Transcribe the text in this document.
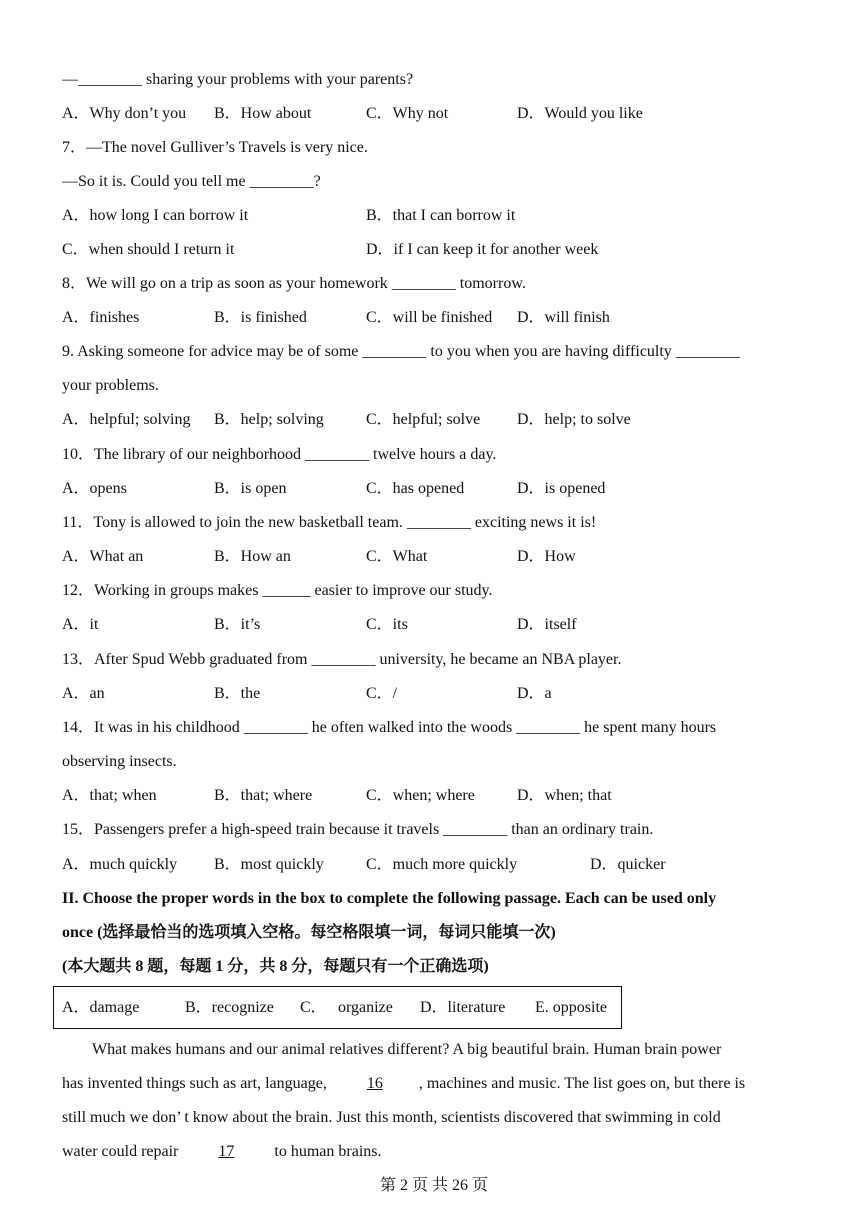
—________ sharing your problems with your parents?
A．Why don’t you B．How about	C．Why not	D．Would you like
7．—The novel Gulliver’s Travels is very nice.
—So it is. Could you tell me ________?
A．how long I can borrow it	B．that I can borrow it
C．when should I return it	D．if I can keep it for another week
8．We will go on a trip as soon as your homework ________ tomorrow.
A．finishes	B．is finished	C．will be finished D．will finish
9. Asking someone for advice may be of some ________ to you when you are having difficulty ________
your problems.
A．helpful; solving B．help; solving	C．helpful; solve D．help; to solve
10．The library of our neighborhood ________ twelve hours a day.
A．opens	B．is open	C．has opened	D．is opened
11．Tony is allowed to join the new basketball team. ________ exciting news it is!
A．What an	B．How an	C．What	D．How
12．Working in groups makes ______ easier to improve our study.
A．it	B．it’s	C．its	D．itself
13．After Spud Webb graduated from ________ university, he became an NBA player.
A．an	B．the	C．/	D．a
14．It was in his childhood ________ he often walked into the woods ________ he spent many hours
observing insects.
A．that; when	B．that; where	C．when; where	D．when; that
15．Passengers prefer a high-speed train because it travels ________ than an ordinary train.
A．much quickly B．most quickly	C．much more quickly	D．quicker
II. Choose the proper words in the box to complete the following passage. Each can be used only
once (选择最恰当的选项填入空格。每空格限填一词，每词只能填一次)
(本大题共 8 题，每题 1 分，共 8 分，每题只有一个正确选项)
A．damage	B．recognize C． organize D．literature E. opposite
What makes humans and our animal relatives different? A big beautiful brain. Human brain power
has invented things such as art, language, 16 , machines and music. The list goes on, but there is
still much we don’ t know about the brain. Just this month, scientists discovered that swimming in cold
water could repair 17 to human brains.
第 2 页 共 26 页
